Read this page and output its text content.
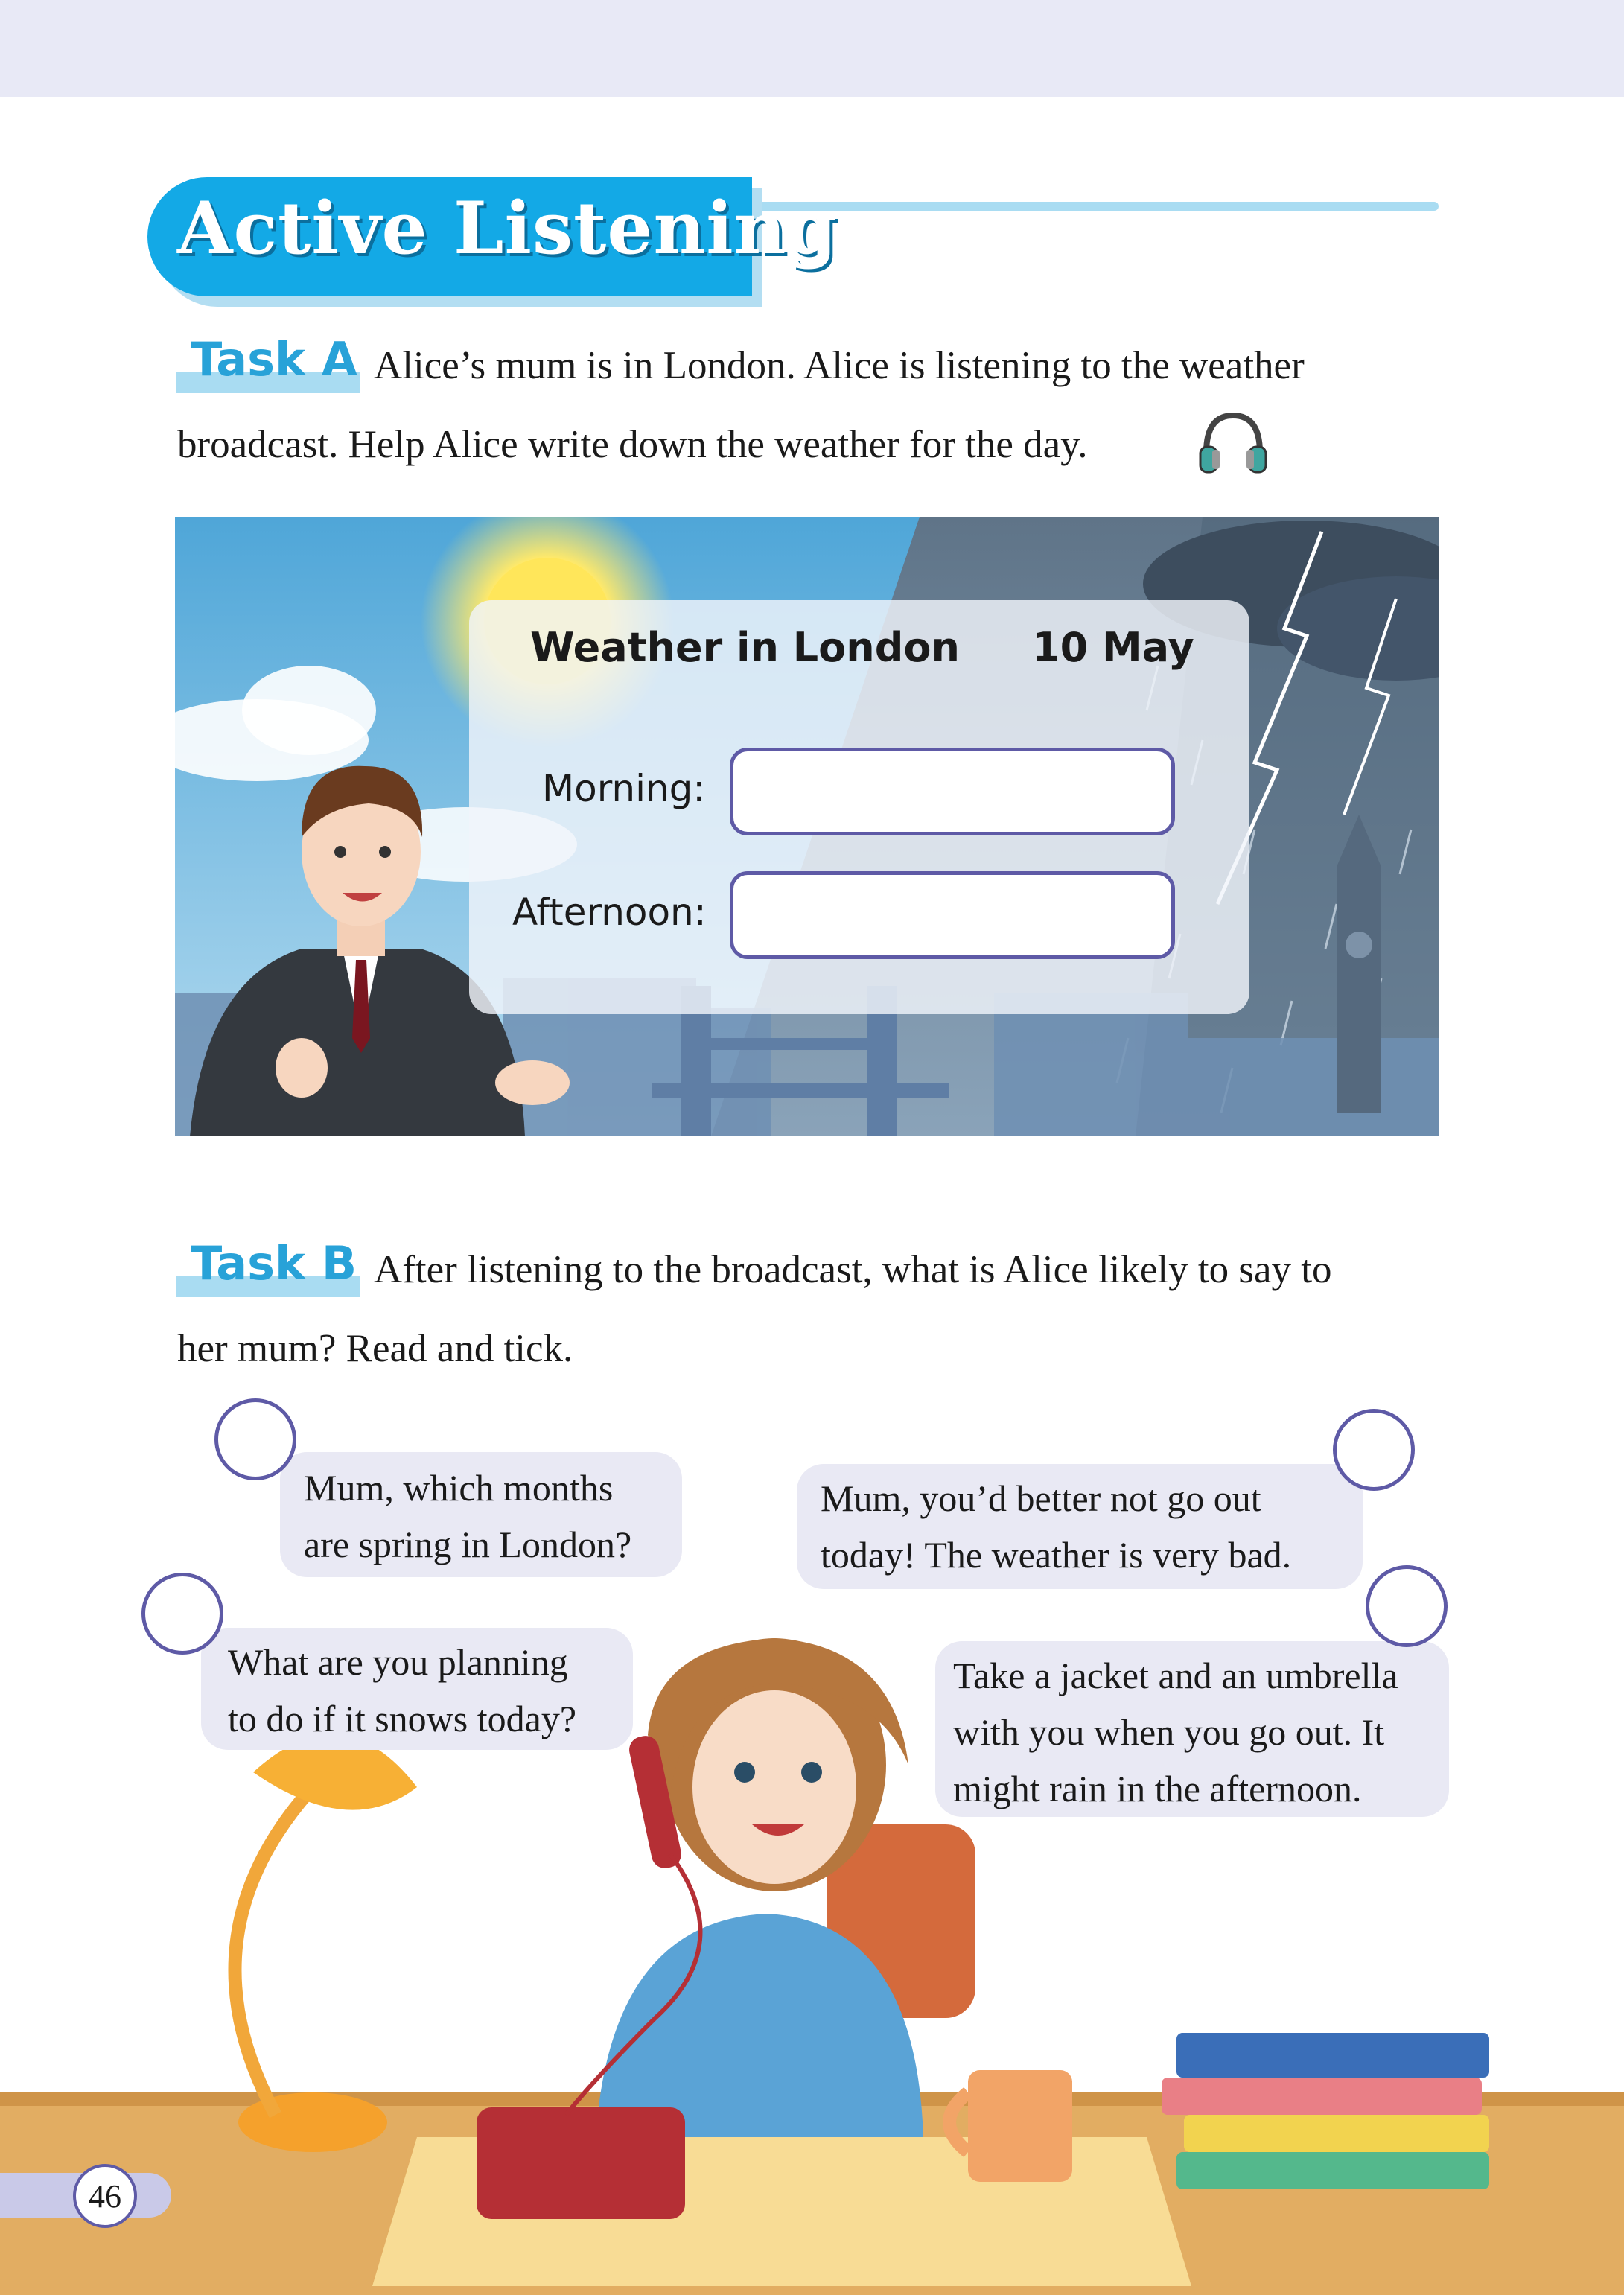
Active Listening
Task A Alice’s mum is in London. Alice is listening to the weather
broadcast. Help Alice write down the weather for the day.
Weather in London 10 May
Morning:
Afternoon:
Task B After listening to the broadcast, what is Alice likely to say to
her mum? Read and tick.
Mum, which months
are spring in London?
Mum, you’d better not go out
today! The weather is very bad.
What are you planning
to do if it snows today?
Take a jacket and an umbrella
with you when you go out. It
might rain in the afternoon.
46
